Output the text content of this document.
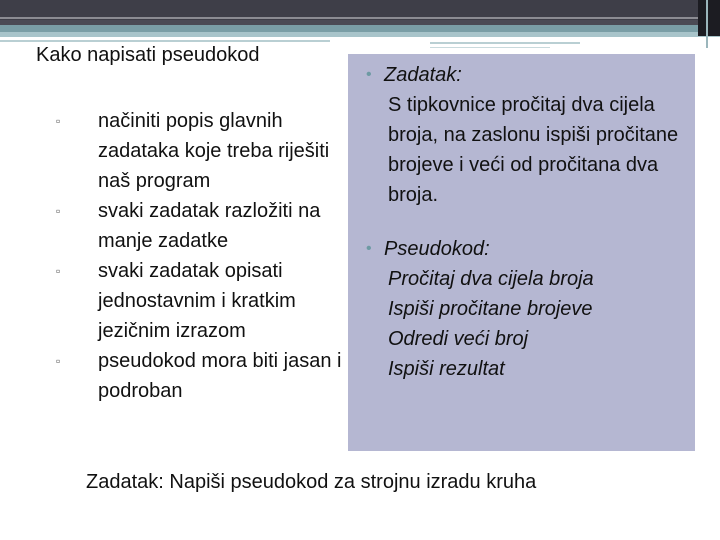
Kako napisati pseudokod
▫ načiniti popis glavnih zadataka koje treba riješiti naš program
▫ svaki zadatak razložiti na manje zadatke
▫ svaki zadatak opisati jednostavnim i kratkim jezičnim izrazom
▫ pseudokod mora biti jasan i podroban
• Zadatak:
S tipkovnice pročitaj dva cijela broja, na zaslonu ispiši pročitane brojeve i veći od pročitana dva broja.
• Pseudokod:
Pročitaj dva cijela broja
Ispiši pročitane brojeve
Odredi veći broj
Ispiši rezultat
Zadatak: Napiši pseudokod za strojnu izradu kruha
